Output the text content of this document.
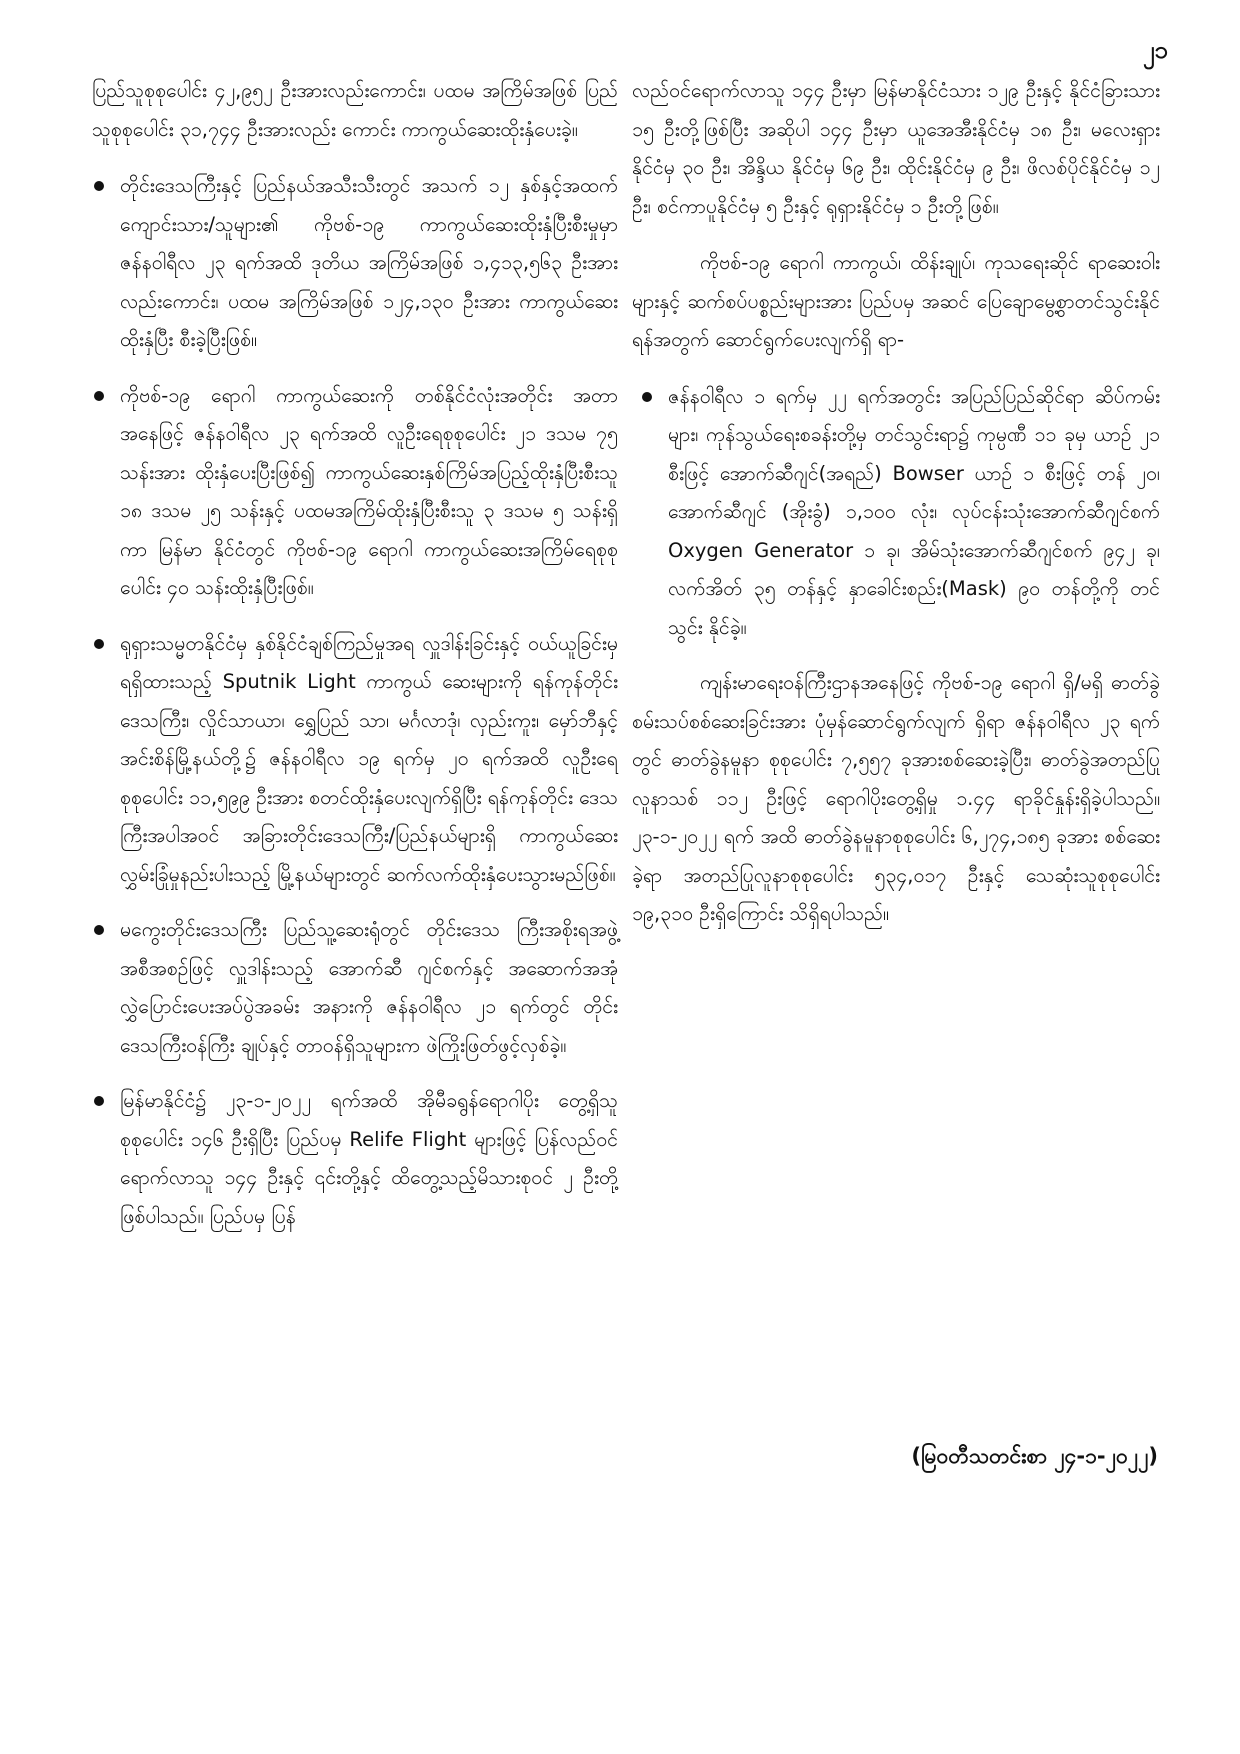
၂၁

ပြည်သူစုစုပေါင်း ၄၂,၉၅၂ ဦးအားလည်းကောင်း၊ ပထမ အကြိမ်အဖြစ် ပြည်သူစုစုပေါင်း ၃၁,၇၄၄ ဦးအားလည်း ကောင်း ကာကွယ်ဆေးထိုးနှံပေးခဲ့။

တိုင်းဒေသကြီးနှင့် ပြည်နယ်အသီးသီးတွင် အသက် ၁၂ နှစ်နှင့်အထက် ကျောင်းသား/သူများ၏ ကိုဗစ်-၁၉ ကာကွယ်ဆေးထိုးနှံပြီးစီးမှုမှာ ဇန်နဝါရီလ ၂၃ ရက်အထိ ဒုတိယ အကြိမ်အဖြစ် ၁,၄၁၃,၅၆၃ ဦးအားလည်းကောင်း၊ ပထမ အကြိမ်အဖြစ် ၁၂၄,၁၃၀ ဦးအား ကာကွယ်ဆေးထိုးနှံပြီး စီးခဲ့ပြီးဖြစ်။
ကိုဗစ်-၁၉ ရောဂါ ကာကွယ်ဆေးကို တစ်နိုင်ငံလုံးအတိုင်း အတာအနေဖြင့် ဇန်နဝါရီလ ၂၃ ရက်အထိ လူဦးရေစုစုပေါင်း ၂၁ ဒသမ ၇၅ သန်းအား ထိုးနှံပေးပြီးဖြစ်၍ ကာကွယ်ဆေးနှစ်ကြိမ်အပြည့်ထိုးနှံပြီးစီးသူ ၁၈ ဒသမ ၂၅ သန်းနှင့် ပထမအကြိမ်ထိုးနှံပြီးစီးသူ ၃ ဒသမ ၅ သန်းရှိကာ မြန်မာ နိုင်ငံတွင် ကိုဗစ်-၁၉ ရောဂါ ကာကွယ်ဆေးအကြိမ်ရေစုစု ပေါင်း ၄၀ သန်းထိုးနှံပြီးဖြစ်။
ရုရှားသမ္မတနိုင်ငံမှ နှစ်နိုင်ငံချစ်ကြည်မှုအရ လှူဒါန်းခြင်းနှင့် ဝယ်ယူခြင်းမှ ရရှိထားသည့် Sputnik Light ကာကွယ် ဆေးများကို ရန်ကုန်တိုင်းဒေသကြီး၊ လှိုင်သာယာ၊ ရွှေပြည် သာ၊ မင်္ဂလာဒုံ၊ လှည်းကူး၊ မှော်ဘီနှင့် အင်းစိန်မြို့နယ်တို့၌ ဇန်နဝါရီလ ၁၉ ရက်မှ ၂၀ ရက်အထိ လူဦးရေစုစုပေါင်း ၁၁,၅၉၉ ဦးအား စတင်ထိုးနှံပေးလျက်ရှိပြီး ရန်ကုန်တိုင်း ဒေသကြီးအပါအဝင် အခြားတိုင်းဒေသကြီး/ပြည်နယ်များရှိ ကာကွယ်ဆေးလွှမ်းခြုံမှုနည်းပါးသည့် မြို့နယ်များတွင် ဆက်လက်ထိုးနှံပေးသွားမည်ဖြစ်။
မကွေးတိုင်းဒေသကြီး ပြည်သူ့ဆေးရုံတွင် တိုင်းဒေသ ကြီးအစိုးရအဖွဲ့အစီအစဉ်ဖြင့် လှူဒါန်းသည့် အောက်ဆီ ဂျင်စက်နှင့် အဆောက်အအုံလွှဲပြောင်းပေးအပ်ပွဲအခမ်း အနားကို ဇန်နဝါရီလ ၂၁ ရက်တွင် တိုင်းဒေသကြီးဝန်ကြီး ချုပ်နှင့် တာဝန်ရှိသူများက ဖဲကြိုးဖြတ်ဖွင့်လှစ်ခဲ့။
မြန်မာနိုင်ငံ၌ ၂၃-၁-၂၀၂၂ ရက်အထိ အိုမီခရွန်ရောဂါပိုး တွေ့ရှိသူစုစုပေါင်း ၁၄၆ ဦးရှိပြီး ပြည်ပမှ Relife Flight များဖြင့် ပြန်လည်ဝင်ရောက်လာသူ ၁၄၄ ဦးနှင့် ၎င်းတို့နှင့် ထိတွေ့သည့်မိသားစုဝင် ၂ ဦးတို့ဖြစ်ပါသည်။ ပြည်ပမှ ပြန်

လည်ဝင်ရောက်လာသူ ၁၄၄ ဦးမှာ မြန်မာနိုင်ငံသား ၁၂၉ ဦးနှင့် နိုင်ငံခြားသား ၁၅ ဦးတို့ဖြစ်ပြီး အဆိုပါ ၁၄၄ ဦးမှာ ယူအေအီးနိုင်ငံမှ ၁၈ ဦး၊ မလေးရှားနိုင်ငံမှ ၃၀ ဦး၊ အိန္ဒိယ နိုင်ငံမှ ၆၉ ဦး၊ ထိုင်းနိုင်ငံမှ ၉ ဦး၊ ဖိလစ်ပိုင်နိုင်ငံမှ ၁၂ ဦး၊ စင်ကာပူနိုင်ငံမှ ၅ ဦးနှင့် ရုရှားနိုင်ငံမှ ၁ ဦးတို့ဖြစ်။

ကိုဗစ်-၁၉ ရောဂါ ကာကွယ်၊ ထိန်းချုပ်၊ ကုသရေးဆိုင် ရာဆေးဝါးများနှင့် ဆက်စပ်ပစ္စည်းများအား ပြည်ပမှ အဆင် ပြေချောမွေ့စွာတင်သွင်းနိုင်ရန်အတွက် ဆောင်ရွက်ပေးလျက်ရှိ ရာ-

ဇန်နဝါရီလ ၁ ရက်မှ ၂၂ ရက်အတွင်း အပြည်ပြည်ဆိုင်ရာ ဆိပ်ကမ်းများ၊ ကုန်သွယ်ရေးစခန်းတို့မှ တင်သွင်းရာ၌ ကုမ္ပဏီ ၁၁ ခုမှ ယာဉ် ၂၁ စီးဖြင့် အောက်ဆီဂျင်(အရည်) Bowser ယာဉ် ၁ စီးဖြင့် တန် ၂၀၊ အောက်ဆီဂျင် (အိုးခွံ) ၁,၁၀၀ လုံး၊ လုပ်ငန်းသုံးအောက်ဆီဂျင်စက် Oxygen Generator ၁ ခု၊ အိမ်သုံးအောက်ဆီဂျင်စက် ၉၄၂ ခု၊ လက်အိတ် ၃၅ တန်နှင့် နှာခေါင်းစည်း(Mask) ၉၀ တန်တို့ကို တင်သွင်း နိုင်ခဲ့။

ကျန်းမာရေးဝန်ကြီးဌာနအနေဖြင့် ကိုဗစ်-၁၉ ရောဂါ ရှိ/မရှိ ဓာတ်ခွဲစမ်းသပ်စစ်ဆေးခြင်းအား ပုံမှန်ဆောင်ရွက်လျက် ရှိရာ ဇန်နဝါရီလ ၂၃ ရက်တွင် ဓာတ်ခွဲနမူနာ စုစုပေါင်း ၇,၅၅၇ ခုအားစစ်ဆေးခဲ့ပြီး၊ ဓာတ်ခွဲအတည်ပြုလူနာသစ် ၁၁၂ ဦးဖြင့် ရောဂါပိုးတွေ့ရှိမှု ၁.၄၄ ရာခိုင်နှုန်းရှိခဲ့ပါသည်။ ၂၃-၁-၂၀၂၂ ရက် အထိ ဓာတ်ခွဲနမူနာစုစုပေါင်း ၆,၂၇၄,၁၈၅ ခုအား စစ်ဆေးခဲ့ရာ အတည်ပြုလူနာစုစုပေါင်း ၅၃၄,၀၁၇ ဦးနှင့် သေဆုံးသူစုစုပေါင်း ၁၉,၃၁၀ ဦးရှိကြောင်း သိရှိရပါသည်။

(မြဝတီသတင်းစာ ၂၄-၁-၂၀၂၂)
